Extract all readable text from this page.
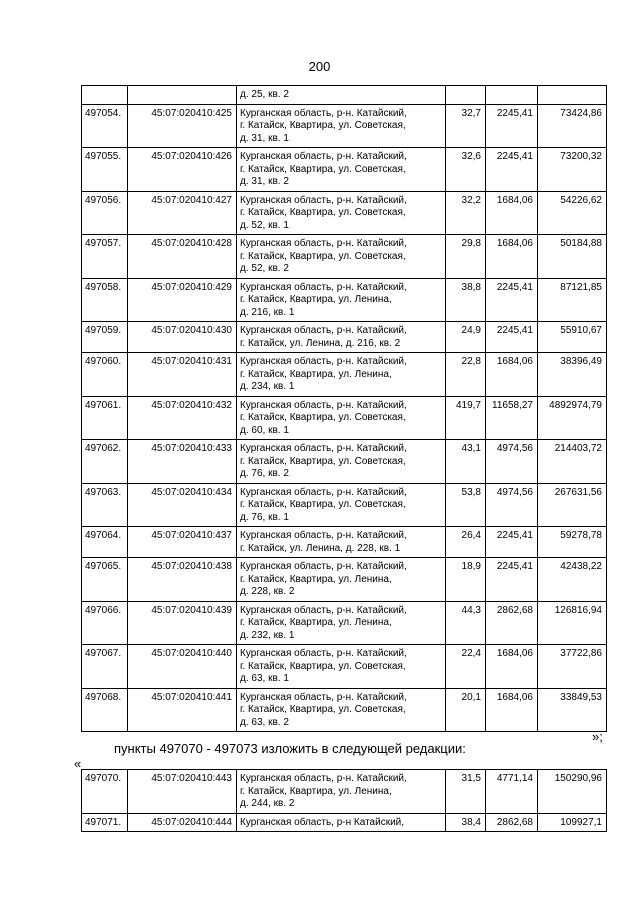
200

		д. 25, кв. 2			

497054.	45:07:020410:425	Курганская область, р-н. Катайский,
г. Катайск, Квартира, ул. Советская,
д. 31, кв. 1	32,7	2245,41	73424,86
497055.	45:07:020410:426	Курганская область, р-н. Катайский,
г. Катайск, Квартира, ул. Советская,
д. 31, кв. 2	32,6	2245,41	73200,32
497056.	45:07:020410:427	Курганская область, р-н. Катайский,
г. Катайск, Квартира, ул. Советская,
д. 52, кв. 1	32,2	1684,06	54226,62
497057.	45:07:020410:428	Курганская область, р-н. Катайский,
г. Катайск, Квартира, ул. Советская,
д. 52, кв. 2	29,8	1684,06	50184,88
497058.	45:07:020410:429	Курганская область, р-н. Катайский,
г. Катайск, Квартира, ул. Ленина,
д. 216, кв. 1	38,8	2245,41	87121,85
497059.	45:07:020410:430	Курганская область, р-н. Катайский,
г. Катайск, ул. Ленина, д. 216, кв. 2	24,9	2245,41	55910,67
497060.	45:07:020410:431	Курганская область, р-н. Катайский,
г. Катайск, Квартира, ул. Ленина,
д. 234, кв. 1	22,8	1684,06	38396,49
497061.	45:07:020410:432	Курганская область, р-н. Катайский,
г. Катайск, Квартира, ул. Советская,
д. 60, кв. 1	419,7	11658,27	4892974,79
497062.	45:07:020410:433	Курганская область, р-н. Катайский,
г. Катайск, Квартира, ул. Советская,
д. 76, кв. 2	43,1	4974,56	214403,72
497063.	45:07:020410:434	Курганская область, р-н. Катайский,
г. Катайск, Квартира, ул. Советская,
д. 76, кв. 1	53,8	4974,56	267631,56
497064.	45:07:020410:437	Курганская область, р-н. Катайский,
г. Катайск, ул. Ленина, д. 228, кв. 1	26,4	2245,41	59278,78
497065.	45:07:020410:438	Курганская область, р-н. Катайский,
г. Катайск, Квартира, ул. Ленина,
д. 228, кв. 2	18,9	2245,41	42438,22
497066.	45:07:020410:439	Курганская область, р-н. Катайский,
г. Катайск, Квартира, ул. Ленина,
д. 232, кв. 1	44,3	2862,68	126816,94
497067.	45:07:020410:440	Курганская область, р-н. Катайский,
г. Катайск, Квартира, ул. Советская,
д. 63, кв. 1	22,4	1684,06	37722,86
497068.	45:07:020410:441	Курганская область, р-н. Катайский,
г. Катайск, Квартира, ул. Советская,
д. 63, кв. 2	20,1	1684,06	33849,53
»;
пункты 497070 - 497073 изложить в следующей редакции:
«
497070.	45:07:020410:443	Курганская область, р-н. Катайский,
г. Катайск, Квартира, ул. Ленина,
д. 244, кв. 2	31,5	4771,14	150290,96
497071.	45:07:020410:444	Курганская область, р-н Катайский,	38,4	2862,68	109927,1
